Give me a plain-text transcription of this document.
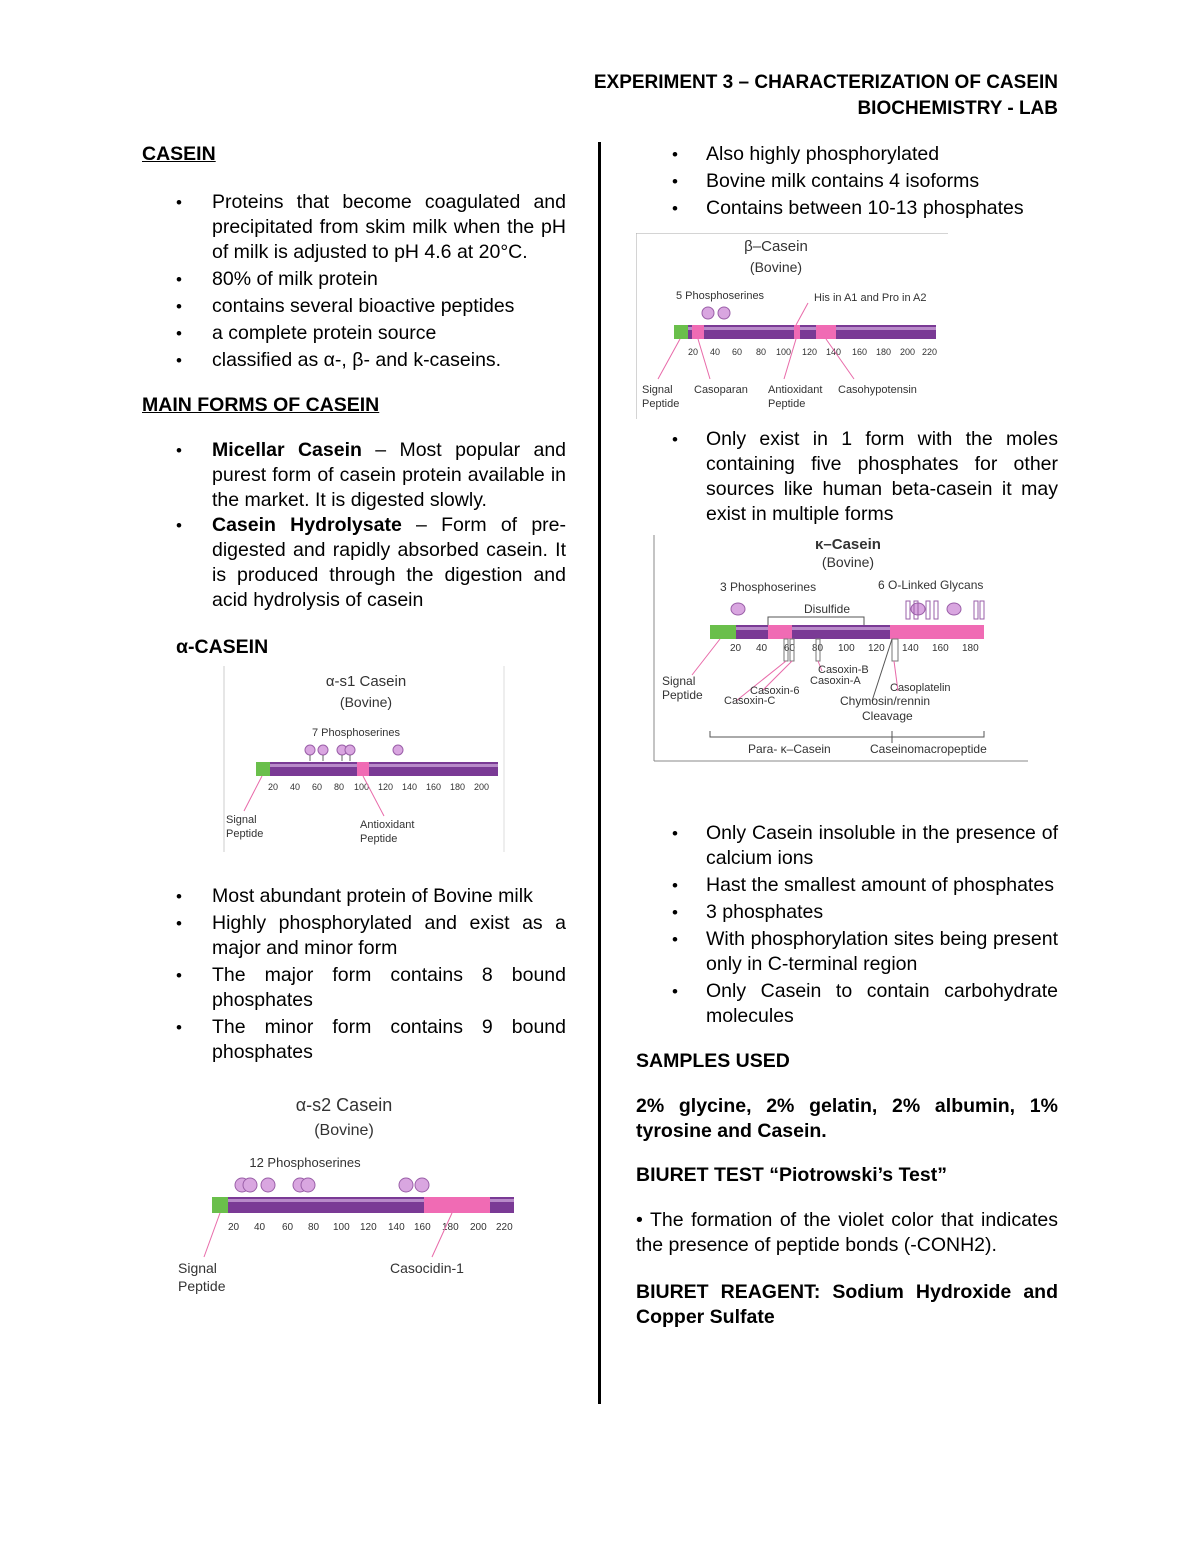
EXPERIMENT 3 – CHARACTERIZATION OF CASEIN
BIOCHEMISTRY - LAB

CASEIN

• Proteins that become coagulated and precipitated from skim milk when the pH of milk is adjusted to pH 4.6 at 20°C.
• 80% of milk protein
• contains several bioactive peptides
• a complete protein source
• classified as α-, β- and k-caseins.

MAIN FORMS OF CASEIN

• Micellar Casein – Most popular and purest form of casein protein available in the market. It is digested slowly.
• Casein Hydrolysate – Form of pre-digested and rapidly absorbed casein. It is produced through the digestion and acid hydrolysis of casein

α-CASEIN

α-s1 Casein
(Bovine)
7 Phosphoserines
20 40 60 80 100 120 140 160 180 200
Signal
Peptide
Antioxidant
Peptide
• Most abundant protein of Bovine milk
• Highly phosphorylated and exist as a major and minor form
• The major form contains 8 bound phosphates
• The minor form contains 9 bound phosphates
α-s2 Casein
(Bovine)
12 Phosphoserines
20 40 60 80 100 120 140 160 180 200 220
Signal
Peptide
Casocidin-1
• Also highly phosphorylated
• Bovine milk contains 4 isoforms
• Contains between 10-13 phosphates
β–Casein
(Bovine)
5 Phosphoserines	His in A1 and Pro in A2
20 40 60 80 100 120 140 160 180 200 220
Signal
Peptide
Casoparan Antioxidant
Peptide
Casohypotensin
• Only exist in 1 form with the moles containing five phosphates for other sources like human beta-casein it may exist in multiple forms
κ–Casein
(Bovine)
3 Phosphoserines	6 O-Linked Glycans
Disulfide
20 40 60 80 100 120 140 160 180
Signal
Peptide
Casoxin-B
Casoxin-A
Casoxin-6
Casoxin-C
Casoplatelin
Chymosin/rennin
Cleavage
Para- κ–Casein	Caseinomacropeptide
• Only Casein insoluble in the presence of calcium ions
• Hast the smallest amount of phosphates
• 3 phosphates
• With phosphorylation sites being present only in C-terminal region
• Only Casein to contain carbohydrate molecules

SAMPLES USED

2% glycine, 2% gelatin, 2% albumin, 1% tyrosine and Casein.

BIURET TEST “Piotrowski’s Test”

• The formation of the violet color that indicates the presence of peptide bonds (-CONH2).

BIURET REAGENT: Sodium Hydroxide and Copper Sulfate
